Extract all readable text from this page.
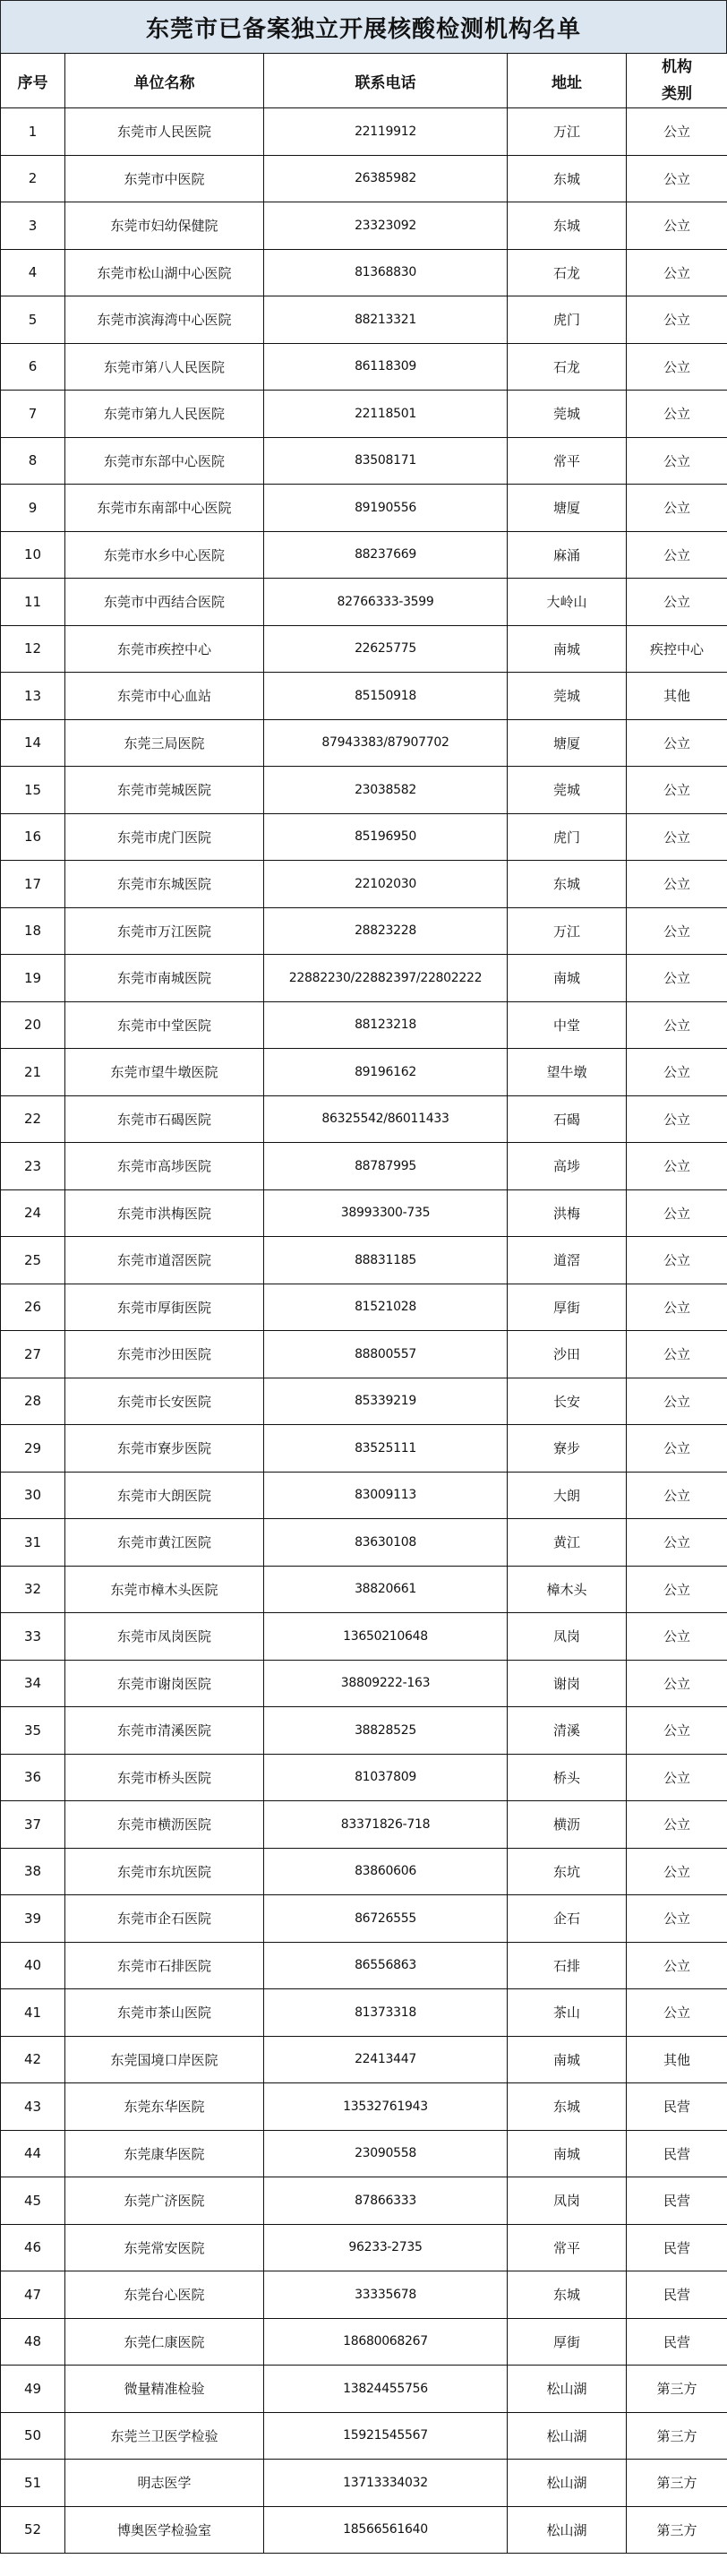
东莞市已备案独立开展核酸检测机构名单
序号	单位名称	联系电话	地址	机构
类别
1	东莞市人民医院	22119912	万江	公立
2	东莞市中医院	26385982	东城	公立
3	东莞市妇幼保健院	23323092	东城	公立
4	东莞市松山湖中心医院	81368830	石龙	公立
5	东莞市滨海湾中心医院	88213321	虎门	公立
6	东莞市第八人民医院	86118309	石龙	公立
7	东莞市第九人民医院	22118501	莞城	公立
8	东莞市东部中心医院	83508171	常平	公立
9	东莞市东南部中心医院	89190556	塘厦	公立
10	东莞市水乡中心医院	88237669	麻涌	公立
11	东莞市中西结合医院	82766333-3599	大岭山	公立
12	东莞市疾控中心	22625775	南城	疾控中心
13	东莞市中心血站	85150918	莞城	其他
14	东莞三局医院	87943383/87907702	塘厦	公立
15	东莞市莞城医院	23038582	莞城	公立
16	东莞市虎门医院	85196950	虎门	公立
17	东莞市东城医院	22102030	东城	公立
18	东莞市万江医院	28823228	万江	公立
19	东莞市南城医院	22882230/22882397/22802222	南城	公立
20	东莞市中堂医院	88123218	中堂	公立
21	东莞市望牛墩医院	89196162	望牛墩	公立
22	东莞市石碣医院	86325542/86011433	石碣	公立
23	东莞市高埗医院	88787995	高埗	公立
24	东莞市洪梅医院	38993300-735	洪梅	公立
25	东莞市道滘医院	88831185	道滘	公立
26	东莞市厚街医院	81521028	厚街	公立
27	东莞市沙田医院	88800557	沙田	公立
28	东莞市长安医院	85339219	长安	公立
29	东莞市寮步医院	83525111	寮步	公立
30	东莞市大朗医院	83009113	大朗	公立
31	东莞市黄江医院	83630108	黄江	公立
32	东莞市樟木头医院	38820661	樟木头	公立
33	东莞市凤岗医院	13650210648	凤岗	公立
34	东莞市谢岗医院	38809222-163	谢岗	公立
35	东莞市清溪医院	38828525	清溪	公立
36	东莞市桥头医院	81037809	桥头	公立
37	东莞市横沥医院	83371826-718	横沥	公立
38	东莞市东坑医院	83860606	东坑	公立
39	东莞市企石医院	86726555	企石	公立
40	东莞市石排医院	86556863	石排	公立
41	东莞市茶山医院	81373318	茶山	公立
42	东莞国境口岸医院	22413447	南城	其他
43	东莞东华医院	13532761943	东城	民营
44	东莞康华医院	23090558	南城	民营
45	东莞广济医院	87866333	凤岗	民营
46	东莞常安医院	96233-2735	常平	民营
47	东莞台心医院	33335678	东城	民营
48	东莞仁康医院	18680068267	厚街	民营
49	微量精准检验	13824455756	松山湖	第三方
50	东莞兰卫医学检验	15921545567	松山湖	第三方
51	明志医学	13713334032	松山湖	第三方
52	博奥医学检验室	18566561640	松山湖	第三方
